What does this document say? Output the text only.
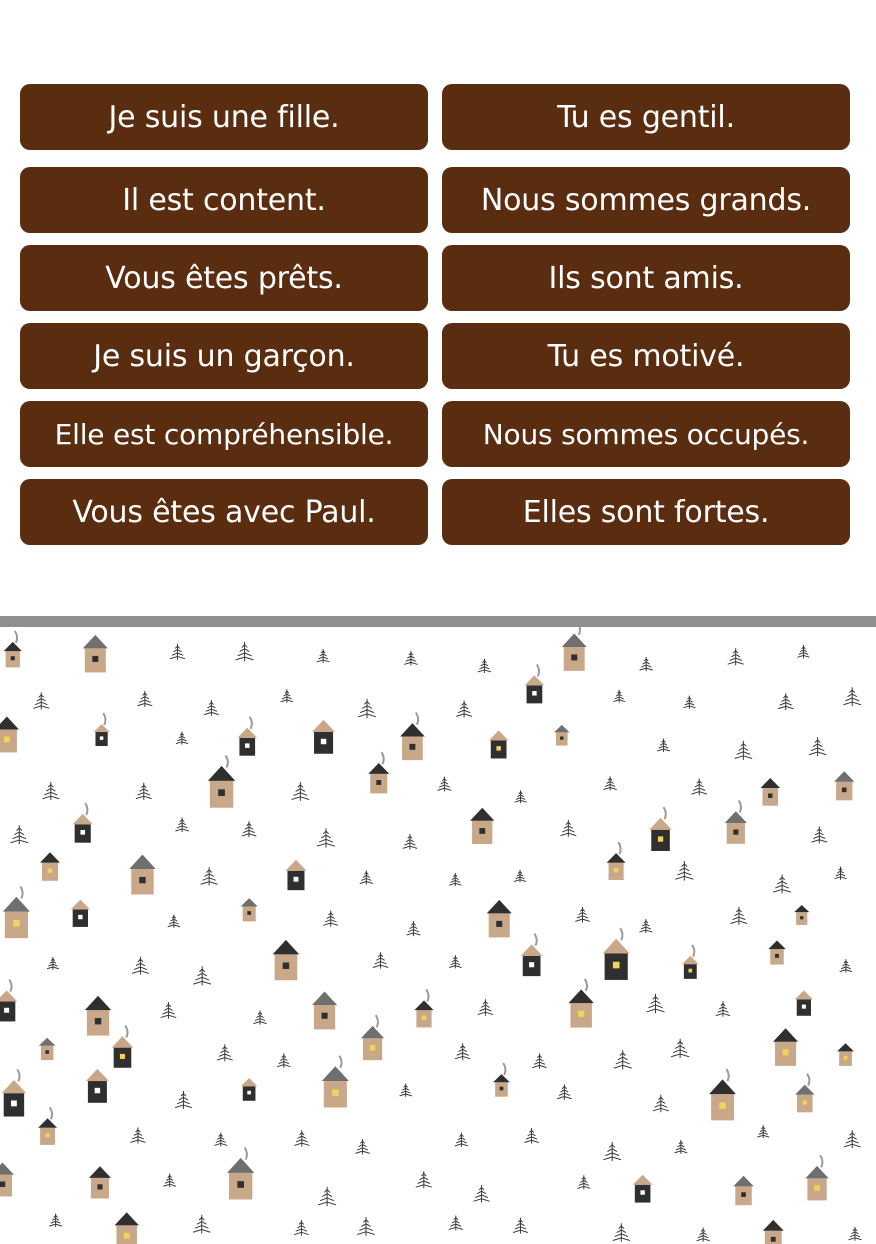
Je suis une fille.	Tu es gentil.
Il est content.	Nous sommes grands.
Vous êtes prêts.	Ils sont amis.
Je suis un garçon.	Tu es motivé.
Elle est compréhensible.	Nous sommes occupés.
Vous êtes avec Paul.	Elles sont fortes.
